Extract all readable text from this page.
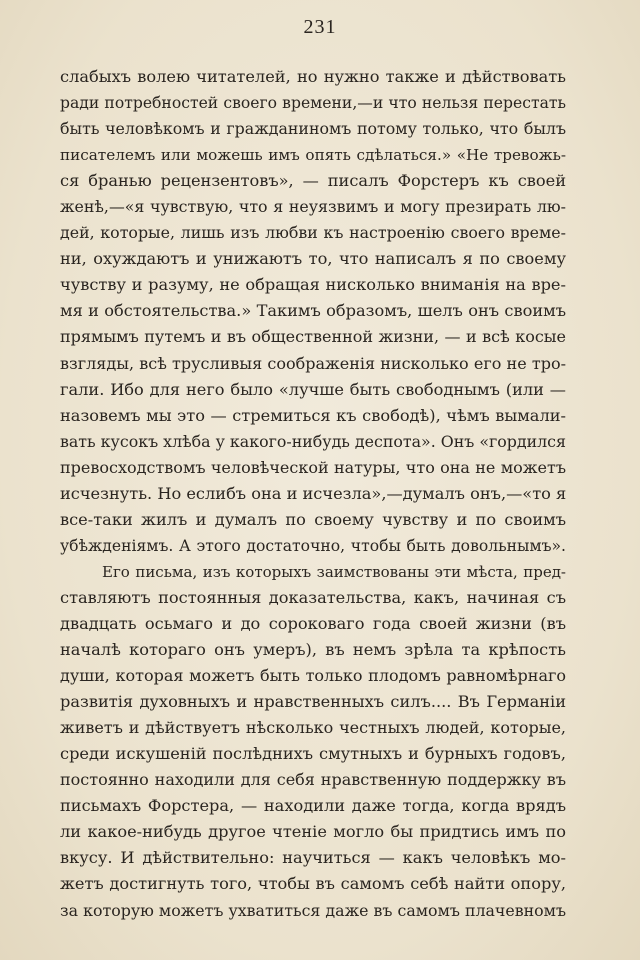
231
слабыхъ волею читателей, но нужно также и дѣйствовать
ради потребностей своего времени,—и что нельзя перестать
быть человѣкомъ и гражданиномъ потому только, что былъ
писателемъ или можешь имъ опять сдѣлаться.» «Не тревожь-
ся бранью рецензентовъ», — писалъ Форстеръ къ своей
женѣ,—«я чувствую, что я неуязвимъ и могу презирать лю-
дей, которые, лишь изъ любви къ настроенію своего време-
ни, охуждаютъ и унижаютъ то, что написалъ я по своему
чувству и разуму, не обращая нисколько вниманія на вре-
мя и обстоятельства.» Такимъ образомъ, шелъ онъ своимъ
прямымъ путемъ и въ общественной жизни, — и всѣ косые
взгляды, всѣ трусливыя соображенія нисколько его не тро-
гали. Ибо для него было «лучше быть свободнымъ (или —
назовемъ мы это — стремиться къ свободѣ), чѣмъ вымали-
вать кусокъ хлѣба у какого-нибудь деспота». Онъ «гордился
превосходствомъ человѣческой натуры, что она не можетъ
исчезнуть. Но еслибъ она и исчезла»,—думалъ онъ,—«то я
все-таки жилъ и думалъ по своему чувству и по своимъ
убѣжденіямъ. А этого достаточно, чтобы быть довольнымъ».
Его письма, изъ которыхъ заимствованы эти мѣста, пред-
ставляютъ постоянныя доказательства, какъ, начиная съ
двадцать осьмаго и до сороковаго года своей жизни (въ
началѣ котораго онъ умеръ), въ немъ зрѣла та крѣпость
души, которая можетъ быть только плодомъ равномѣрнаго
развитія духовныхъ и нравственныхъ силъ.... Въ Германіи
живетъ и дѣйствуетъ нѣсколько честныхъ людей, которые,
среди искушеній послѣднихъ смутныхъ и бурныхъ годовъ,
постоянно находили для себя нравственную поддержку въ
письмахъ Форстера, — находили даже тогда, когда врядъ
ли какое-нибудь другое чтеніе могло бы придтись имъ по
вкусу. И дѣйствительно: научиться — какъ человѣкъ мо-
жетъ достигнуть того, чтобы въ самомъ себѣ найти опору,
за которую можетъ ухватиться даже въ самомъ плачевномъ
